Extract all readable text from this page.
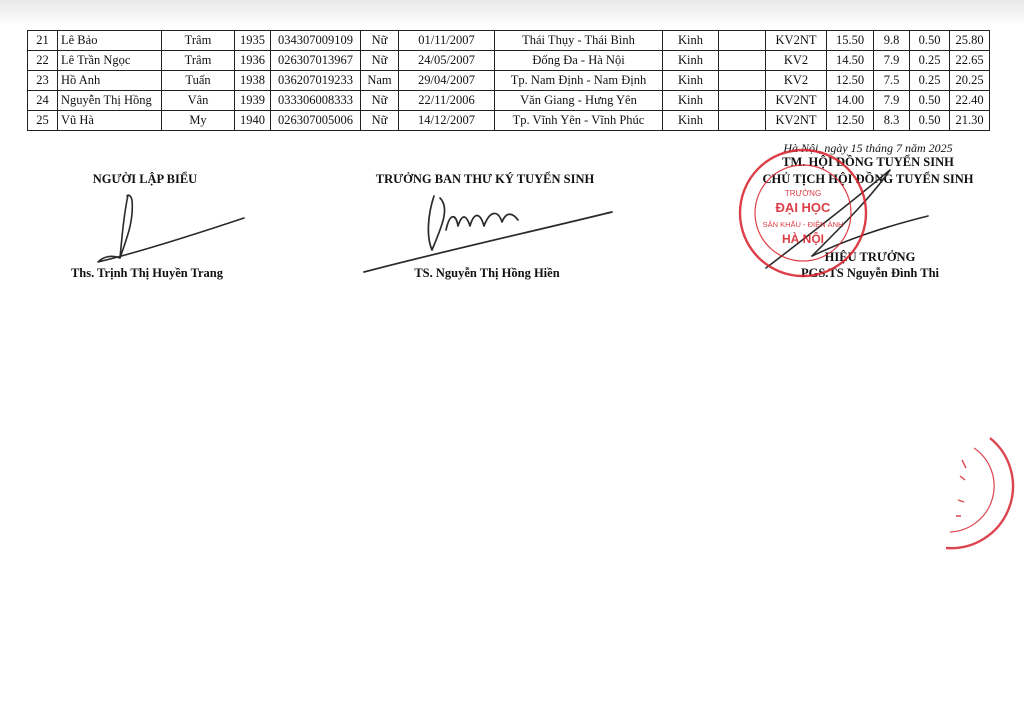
21	Lê Bảo	Trâm	1935	034307009109	Nữ	01/11/2007	Thái Thụy - Thái Bình	Kinh		KV2NT	15.50	9.8	0.50	25.80
22	Lê Trần Ngọc	Trâm	1936	026307013967	Nữ	24/05/2007	Đống Đa - Hà Nội	Kinh		KV2	14.50	7.9	0.25	22.65
23	Hồ Anh	Tuấn	1938	036207019233	Nam	29/04/2007	Tp. Nam Định - Nam Định	Kinh		KV2	12.50	7.5	0.25	20.25
24	Nguyễn Thị Hồng	Vân	1939	033306008333	Nữ	22/11/2006	Văn Giang - Hưng Yên	Kinh		KV2NT	14.00	7.9	0.50	22.40
25	Vũ Hà	My	1940	026307005006	Nữ	14/12/2007	Tp. Vĩnh Yên - Vĩnh Phúc	Kinh		KV2NT	12.50	8.3	0.50	21.30
NGƯỜI LẬP BIỂU
Ths. Trịnh Thị Huyền Trang
TRƯỞNG BAN THƯ KÝ TUYỂN SINH
TS. Nguyễn Thị Hồng Hiền
Hà Nội, ngày 15 tháng 7 năm 2025
TM. HỘI ĐỒNG TUYỂN SINH
CHỦ TỊCH HỘI ĐỒNG TUYỂN SINH
HIỆU TRƯỞNG
PGS.TS Nguyễn Đình Thi
TRƯỜNG
ĐẠI HỌC
SÂN KHẤU - ĐIỆN ẢNH
HÀ NỘI
